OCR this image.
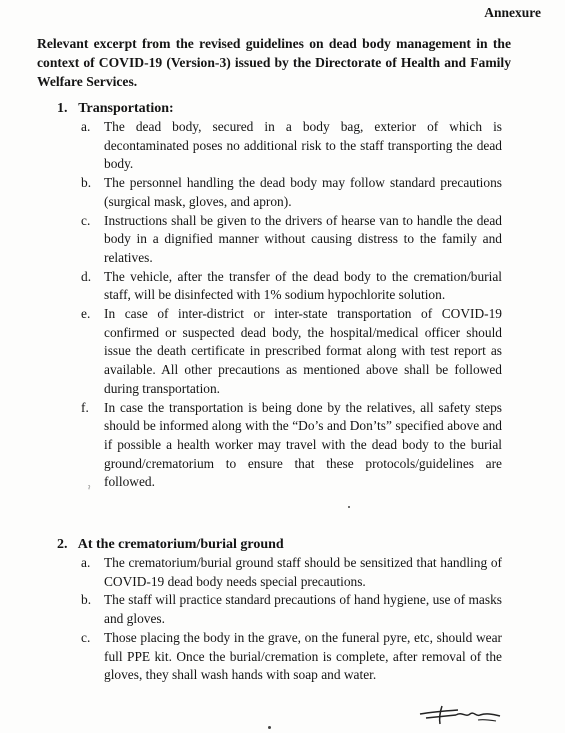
Annexure
Relevant excerpt from the revised guidelines on dead body management in the context of COVID-19 (Version-3) issued by the Directorate of Health and Family Welfare Services.
1. Transportation:
a. The dead body, secured in a body bag, exterior of which is decontaminated poses no additional risk to the staff transporting the dead body.
b. The personnel handling the dead body may follow standard precautions (surgical mask, gloves, and apron).
c. Instructions shall be given to the drivers of hearse van to handle the dead body in a dignified manner without causing distress to the family and relatives.
d. The vehicle, after the transfer of the dead body to the cremation/burial staff, will be disinfected with 1% sodium hypochlorite solution.
e. In case of inter-district or inter-state transportation of COVID-19 confirmed or suspected dead body, the hospital/medical officer should issue the death certificate in prescribed format along with test report as available. All other precautions as mentioned above shall be followed during transportation.
f. In case the transportation is being done by the relatives, all safety steps should be informed along with the “Do’s and Don’ts” specified above and if possible a health worker may travel with the dead body to the burial ground/crematorium to ensure that these protocols/guidelines are followed.
ˀ
2. At the crematorium/burial ground
a. The crematorium/burial ground staff should be sensitized that handling of COVID-19 dead body needs special precautions.
b. The staff will practice standard precautions of hand hygiene, use of masks and gloves.
c. Those placing the body in the grave, on the funeral pyre, etc, should wear full PPE kit. Once the burial/cremation is complete, after removal of the gloves, they shall wash hands with soap and water.
